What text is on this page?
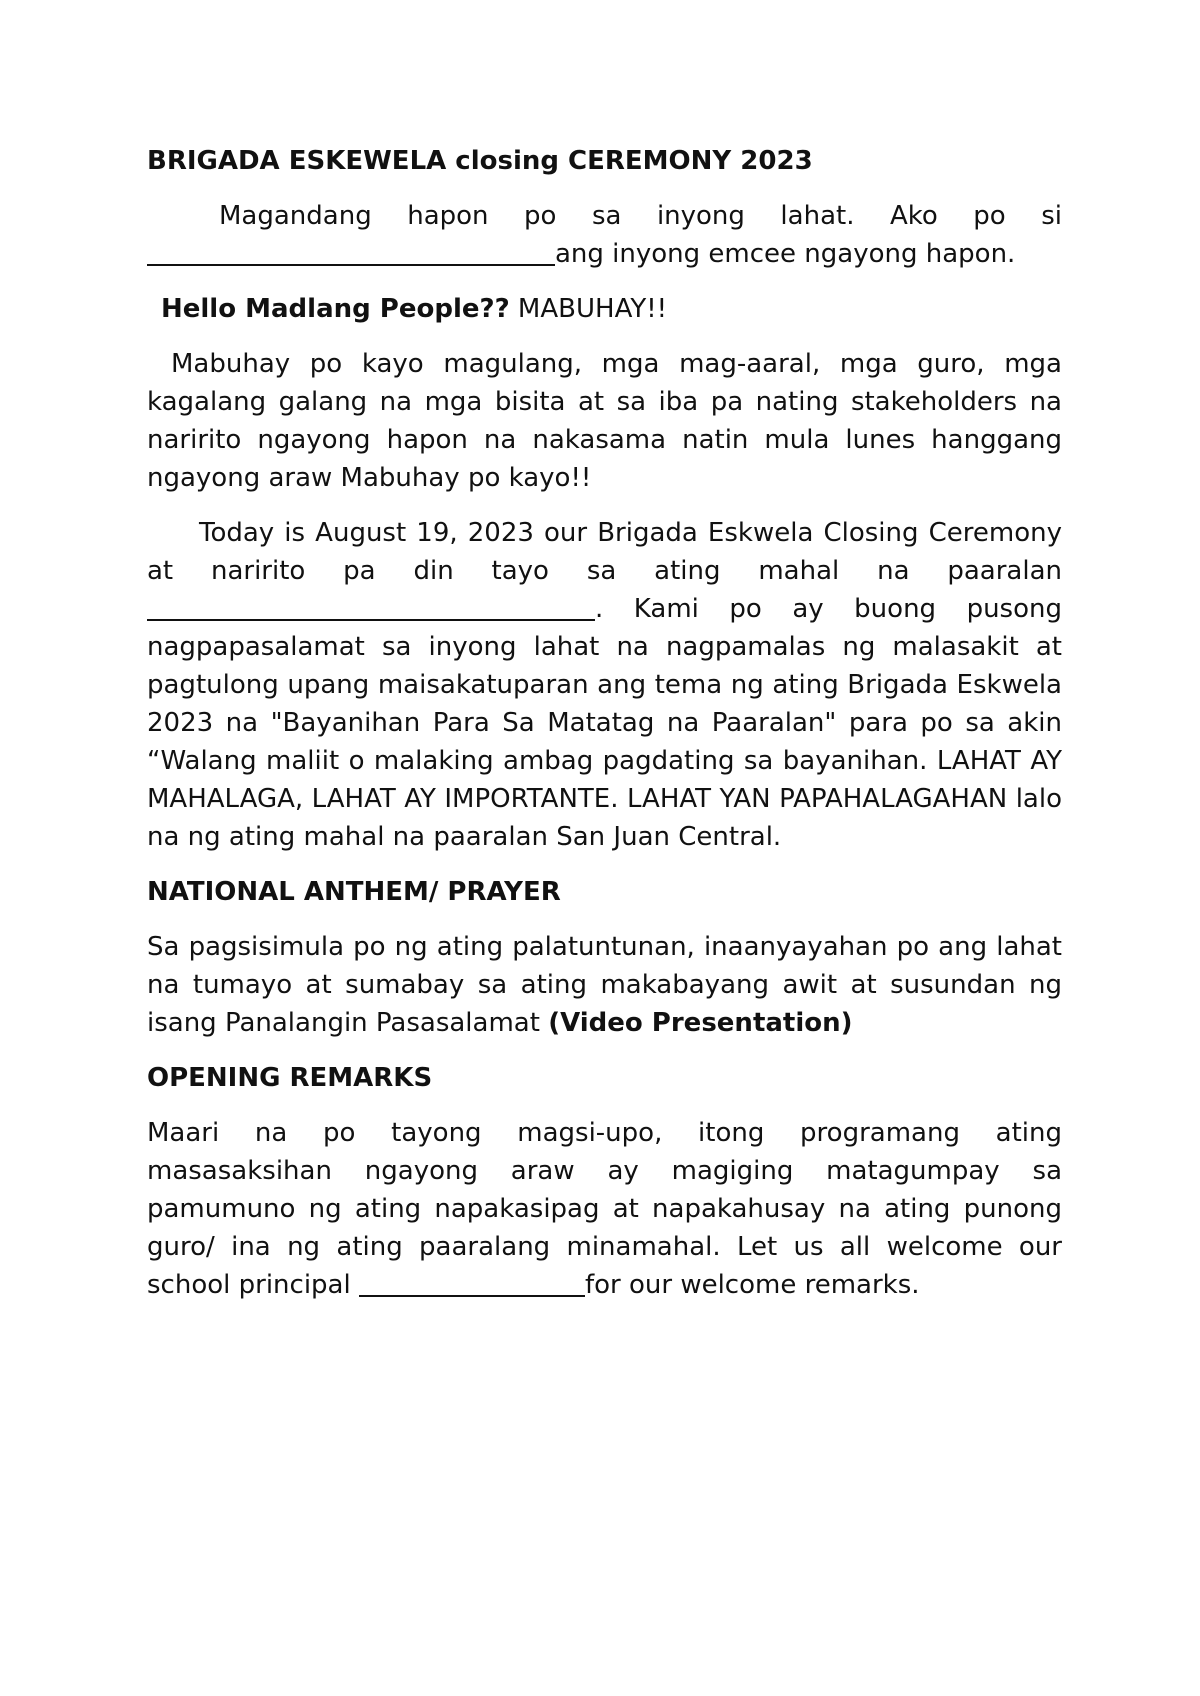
BRIGADA ESKEWELA closing CEREMONY 2023

Magandang hapon po sa inyong lahat. Ako po si

ang inyong emcee ngayong hapon.

Hello Madlang People?? MABUHAY!!

Mabuhay po kayo magulang, mga mag-aaral, mga guro, mga kagalang galang na mga bisita at sa iba pa nating stakeholders na naririto ngayong hapon na nakasama natin mula lunes hanggang ngayong araw Mabuhay po kayo!!

Today is August 19, 2023 our Brigada Eskwela Closing Ceremony at naririto pa din tayo sa ating mahal na paaralan . Kami po ay buong pusong nagpapasalamat sa inyong lahat na nagpamalas ng malasakit at pagtulong upang maisakatuparan ang tema ng ating Brigada Eskwela 2023 na "Bayanihan Para Sa Matatag na Paaralan" para po sa akin “Walang maliit o malaking ambag pagdating sa bayanihan. LAHAT AY MAHALAGA, LAHAT AY IMPORTANTE. LAHAT YAN PAPAHALAGAHAN lalo na ng ating mahal na paaralan San Juan Central.

NATIONAL ANTHEM/ PRAYER

Sa pagsisimula po ng ating palatuntunan, inaanyayahan po ang lahat na tumayo at sumabay sa ating makabayang awit at susundan ng isang Panalangin Pasasalamat (Video Presentation)

OPENING REMARKS

Maari na po tayong magsi-upo, itong programang ating masasaksihan ngayong araw ay magiging matagumpay sa pamumuno ng ating napakasipag at napakahusay na ating punong guro/ ina ng ating paaralang minamahal. Let us all welcome our school principal	for our welcome remarks.
